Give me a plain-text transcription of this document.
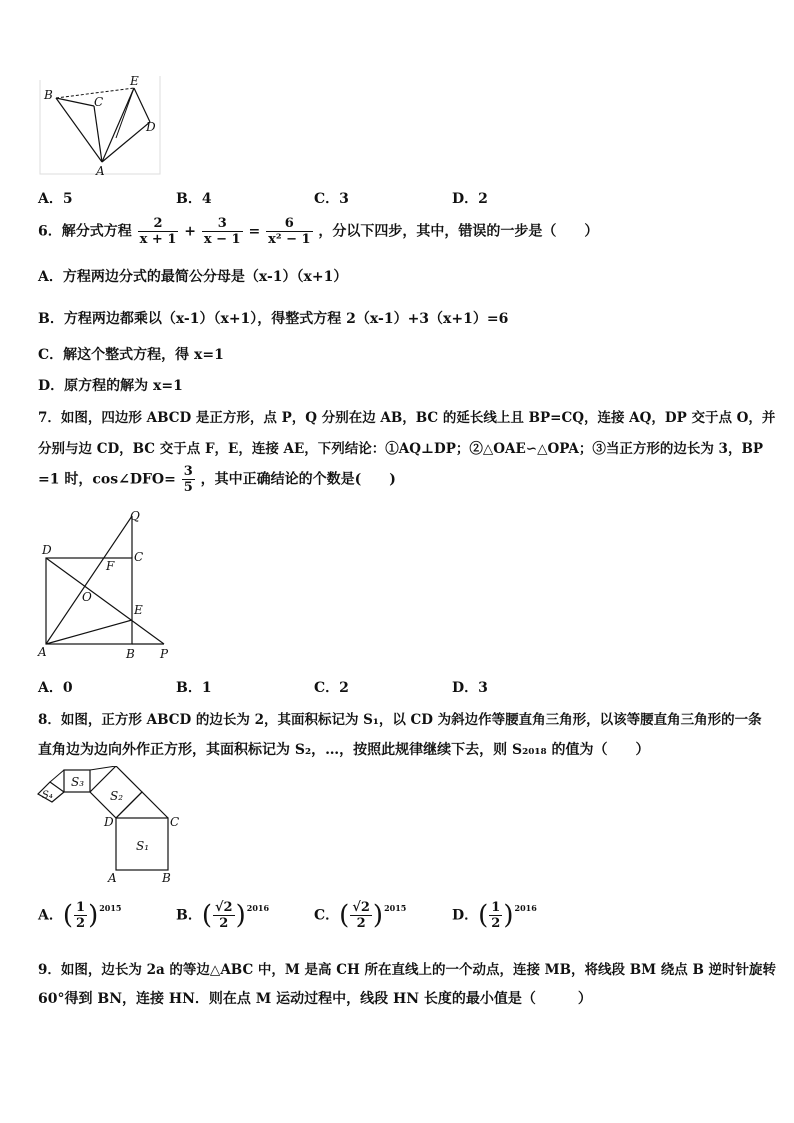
B	C
E
D
A
A．5	B．4	C．3	D．2
6．解分式方程 $\frac{2}{x + 1} + \frac{3}{x - 1} = \frac{6}{\text{x² − 1}}$ ，分以下四步，其中，错误的一步是（　　）
A．方程两边分式的最简公分母是（x-1）（x+1）
B．方程两边都乘以（x-1）（x+1），得整式方程 2（x-1）+3（x+1）=6
C．解这个整式方程，得 x=1
D．原方程的解为 x=1
7．如图，四边形 ABCD 是正方形，点 P，Q 分别在边 AB，BC 的延长线上且 BP=CQ，连接 AQ，DP 交于点 O，并
分别与边 CD，BC 交于点 F，E，连接 AE，下列结论：①AQ⊥DP；②△OAE∽△OPA；③当正方形的边长为 3，BP
=1 时，cos∠DFO= $\frac{3}{5}$ ，其中正确结论的个数是(　　)
Q
D	C
F
O
E
A	B P
A．0	B．1	C．2	D．3
8．如图，正方形 ABCD 的边长为 2，其面积标记为 S₁，以 CD 为斜边作等腰直角三角形，以该等腰直角三角形的一条
直角边为边向外作正方形，其面积标记为 S₂，…，按照此规律继续下去，则 S₂₀₁₈ 的值为（　　）
S₁
S₂
S₃
S₄
D	C
A	B
A．( $\frac{1}{2} )^{2015}$	B．( $\frac{√2}{2} )^{2016}$	C．( $\frac{√2}{2} )^{2015}$	D．( $\frac{1}{2} )^{2016}$
9．如图，边长为 2a 的等边△ABC 中，M 是高 CH 所在直线上的一个动点，连接 MB，将线段 BM 绕点 B 逆时针旋转
60°得到 BN，连接 HN．则在点 M 运动过程中，线段 HN 长度的最小值是（　　　）
